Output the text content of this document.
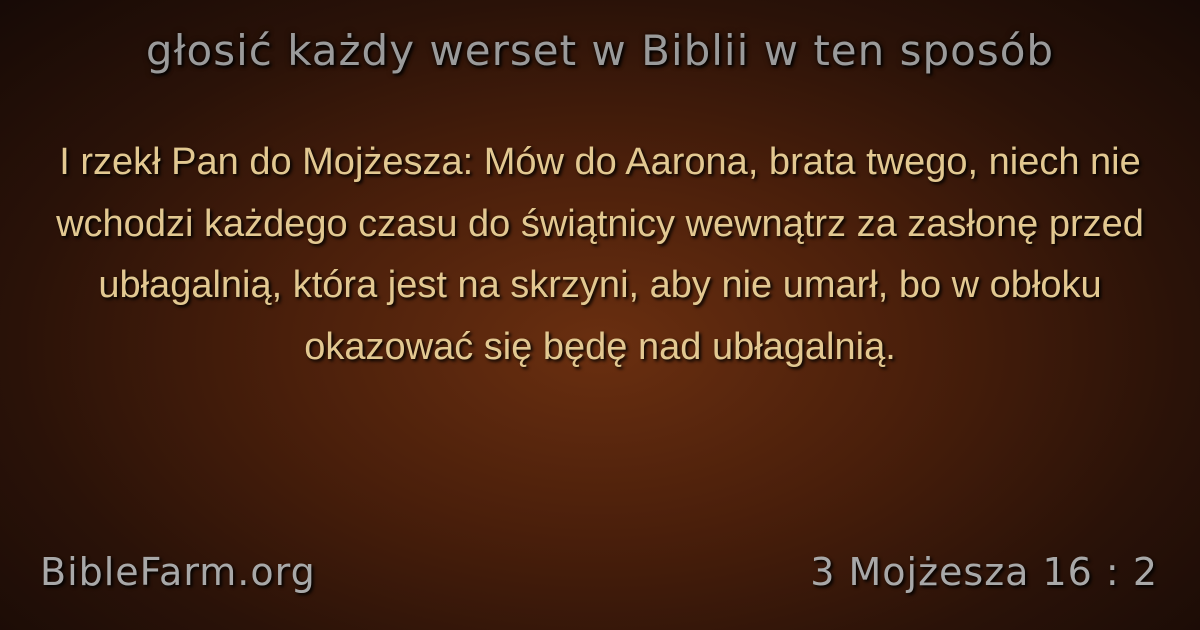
głosić każdy werset w Biblii w ten sposób
I rzekł Pan do Mojżesza: Mów do Aarona, brata twego, niech nie wchodzi każdego czasu do świątnicy wewnątrz za zasłonę przed ubłagalnią, która jest na skrzyni, aby nie umarł, bo w obłoku okazować się będę nad ubłagalnią.
BibleFarm.org	3 Mojżesza 16 : 2
